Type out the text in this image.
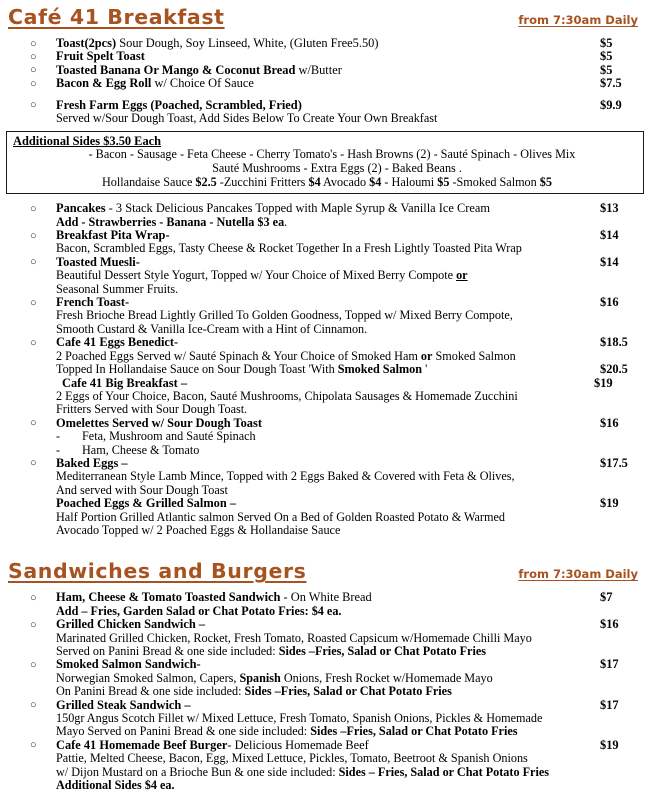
Café 41 Breakfast	from 7:30am Daily
○ Toast(2pcs) Sour Dough, Soy Linseed, White, (Gluten Free5.50)	$5
○ Fruit Spelt Toast	$5
○ Toasted Banana Or Mango & Coconut Bread w/Butter	$5
○ Bacon & Egg Roll w/ Choice Of Sauce	$7.5
○ Fresh Farm Eggs (Poached, Scrambled, Fried)	$9.9
Served w/Sour Dough Toast, Add Sides Below To Create Your Own Breakfast
Additional Sides $3.50 Each
- Bacon - Sausage - Feta Cheese - Cherry Tomato's - Hash Browns (2) - Sauté Spinach - Olives Mix
Sauté Mushrooms - Extra Eggs (2) - Baked Beans .
Hollandaise Sauce $2.5 -Zucchini Fritters $4 Avocado $4 - Haloumi $5 -Smoked Salmon $5
○ Pancakes - 3 Stack Delicious Pancakes Topped with Maple Syrup & Vanilla Ice Cream	$13
Add - Strawberries - Banana - Nutella $3 ea.
○ Breakfast Pita Wrap-	$14
Bacon, Scrambled Eggs, Tasty Cheese & Rocket Together In a Fresh Lightly Toasted Pita Wrap
○ Toasted Muesli-	$14
Beautiful Dessert Style Yogurt, Topped w/ Your Choice of Mixed Berry Compote or
Seasonal Summer Fruits.
○ French Toast-	$16
Fresh Brioche Bread Lightly Grilled To Golden Goodness, Topped w/ Mixed Berry Compote,
Smooth Custard & Vanilla Ice-Cream with a Hint of Cinnamon.
○ Cafe 41 Eggs Benedict-	$18.5
2 Poached Eggs Served w/ Sauté Spinach & Your Choice of Smoked Ham or Smoked Salmon
Topped In Hollandaise Sauce on Sour Dough Toast 'With Smoked Salmon '	$20.5
Cafe 41 Big Breakfast –	$19
2 Eggs of Your Choice, Bacon, Sauté Mushrooms, Chipolata Sausages & Homemade Zucchini
Fritters Served with Sour Dough Toast.
○ Omelettes Served w/ Sour Dough Toast	$16
- Feta, Mushroom and Sauté Spinach
- Ham, Cheese & Tomato
○ Baked Eggs –	$17.5
Mediterranean Style Lamb Mince, Topped with 2 Eggs Baked & Covered with Feta & Olives,
And served with Sour Dough Toast
Poached Eggs & Grilled Salmon –	$19
Half Portion Grilled Atlantic salmon Served On a Bed of Golden Roasted Potato & Warmed
Avocado Topped w/ 2 Poached Eggs & Hollandaise Sauce
Sandwiches and Burgers	from 7:30am Daily
○ Ham, Cheese & Tomato Toasted Sandwich - On White Bread	$7
Add – Fries, Garden Salad or Chat Potato Fries: $4 ea.
○ Grilled Chicken Sandwich –	$16
Marinated Grilled Chicken, Rocket, Fresh Tomato, Roasted Capsicum w/Homemade Chilli Mayo
Served on Panini Bread & one side included: Sides –Fries, Salad or Chat Potato Fries
○ Smoked Salmon Sandwich-	$17
Norwegian Smoked Salmon, Capers, Spanish Onions, Fresh Rocket w/Homemade Mayo
On Panini Bread & one side included: Sides –Fries, Salad or Chat Potato Fries
○ Grilled Steak Sandwich –	$17
150gr Angus Scotch Fillet w/ Mixed Lettuce, Fresh Tomato, Spanish Onions, Pickles & Homemade
Mayo Served on Panini Bread & one side included: Sides –Fries, Salad or Chat Potato Fries
○ Cafe 41 Homemade Beef Burger- Delicious Homemade Beef	$19
Pattie, Melted Cheese, Bacon, Egg, Mixed Lettuce, Pickles, Tomato, Beetroot & Spanish Onions
w/ Dijon Mustard on a Brioche Bun & one side included: Sides – Fries, Salad or Chat Potato Fries
Additional Sides $4 ea.
